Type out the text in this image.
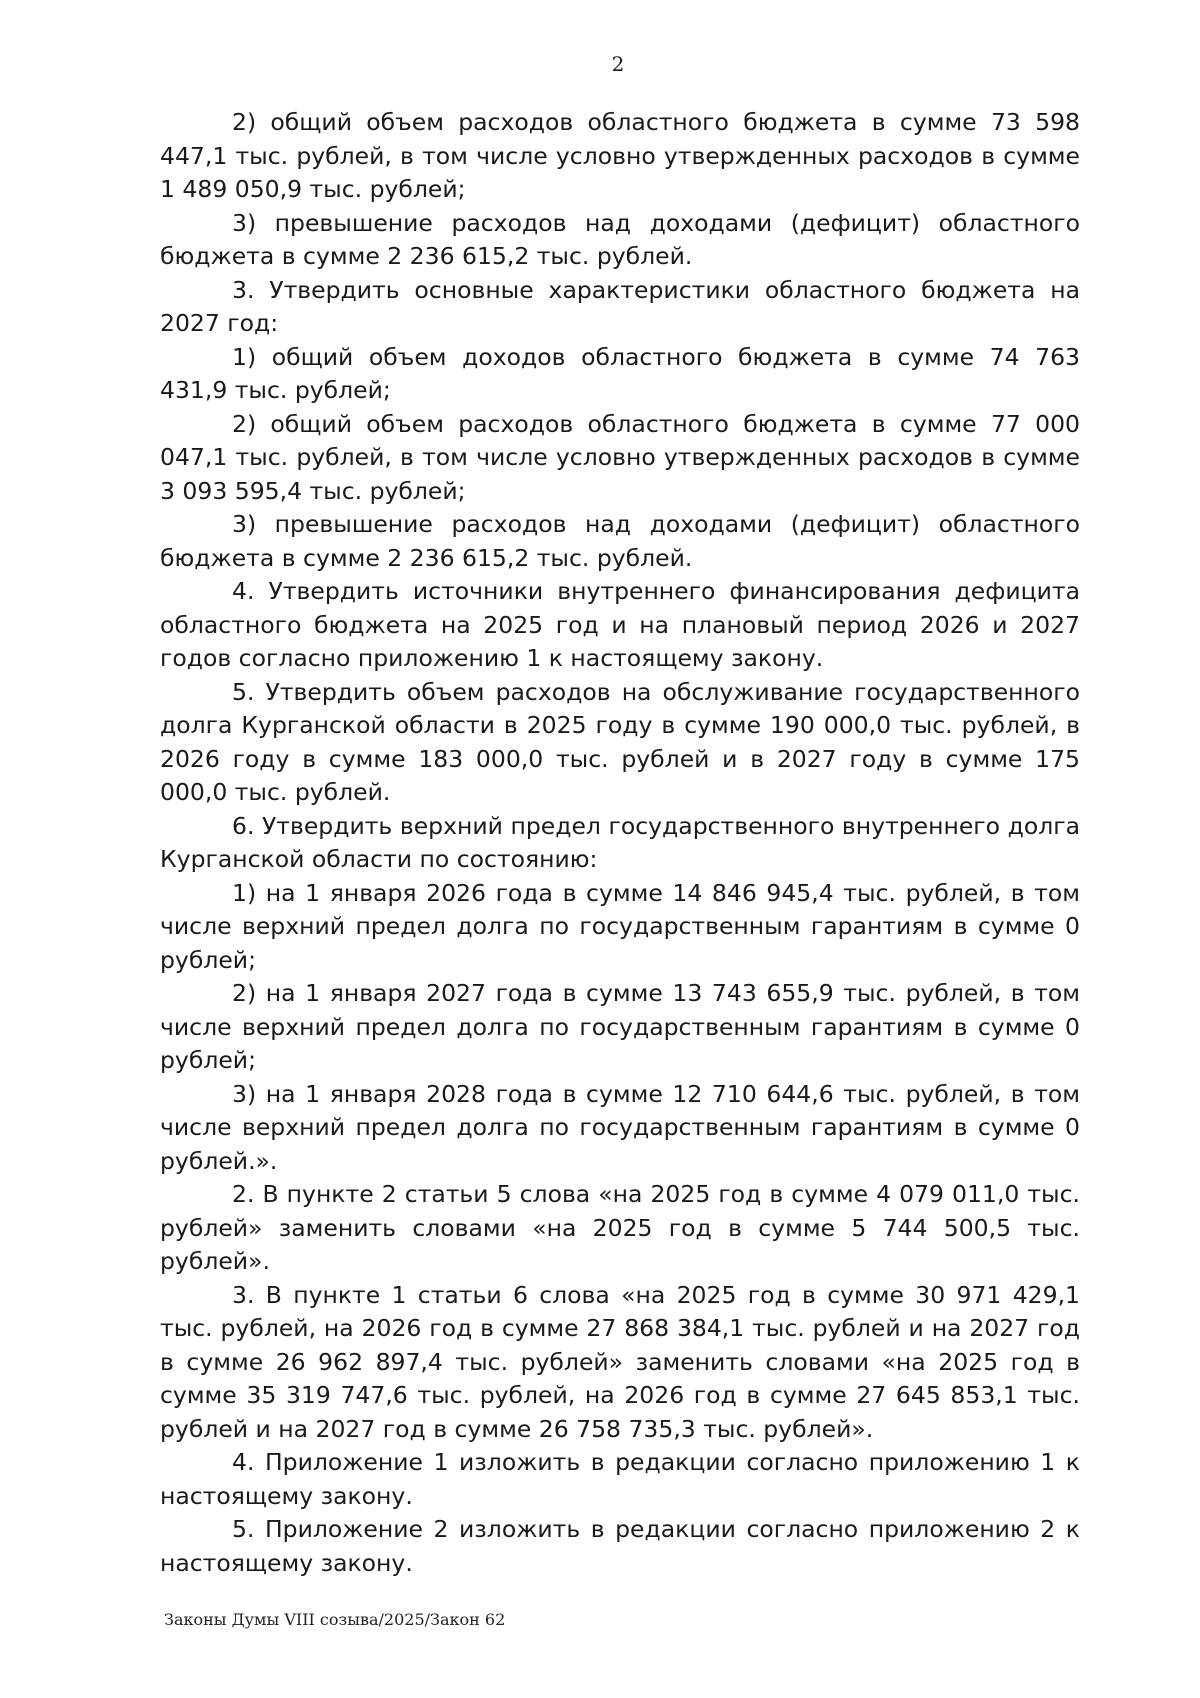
2

2) общий объем расходов областного бюджета в сумме 73 598 447,1 тыс. рублей, в том числе условно утвержденных расходов в сумме 1 489 050,9 тыс. рублей;

3) превышение расходов над доходами (дефицит) областного бюджета в сумме 2 236 615,2 тыс. рублей.

3. Утвердить основные характеристики областного бюджета на 2027 год:

1) общий объем доходов областного бюджета в сумме 74 763 431,9 тыс. рублей;

2) общий объем расходов областного бюджета в сумме 77 000 047,1 тыс. рублей, в том числе условно утвержденных расходов в сумме 3 093 595,4 тыс. рублей;

3) превышение расходов над доходами (дефицит) областного бюджета в сумме 2 236 615,2 тыс. рублей.

4. Утвердить источники внутреннего финансирования дефицита областного бюджета на 2025 год и на плановый период 2026 и 2027 годов согласно приложению 1 к настоящему закону.

5. Утвердить объем расходов на обслуживание государственного долга Курганской области в 2025 году в сумме 190 000,0 тыс. рублей, в 2026 году в сумме 183 000,0 тыс. рублей и в 2027 году в сумме 175 000,0 тыс. рублей.

6. Утвердить верхний предел государственного внутреннего долга Курганской области по состоянию:

1) на 1 января 2026 года в сумме 14 846 945,4 тыс. рублей, в том числе верхний предел долга по государственным гарантиям в сумме 0 рублей;

2) на 1 января 2027 года в сумме 13 743 655,9 тыс. рублей, в том числе верхний предел долга по государственным гарантиям в сумме 0 рублей;

3) на 1 января 2028 года в сумме 12 710 644,6 тыс. рублей, в том числе верхний предел долга по государственным гарантиям в сумме 0 рублей.».

2. В пункте 2 статьи 5 слова «на 2025 год в сумме 4 079 011,0 тыс. рублей» заменить словами «на 2025 год в сумме 5 744 500,5 тыс. рублей».

3. В пункте 1 статьи 6 слова «на 2025 год в сумме 30 971 429,1 тыс. рублей, на 2026 год в сумме 27 868 384,1 тыс. рублей и на 2027 год в сумме 26 962 897,4 тыс. рублей» заменить словами «на 2025 год в сумме 35 319 747,6 тыс. рублей, на 2026 год в сумме 27 645 853,1 тыс. рублей и на 2027 год в сумме 26 758 735,3 тыс. рублей».

4. Приложение 1 изложить в редакции согласно приложению 1 к настоящему закону.

5. Приложение 2 изложить в редакции согласно приложению 2 к настоящему закону.

Законы Думы VIII созыва/2025/Закон 62
